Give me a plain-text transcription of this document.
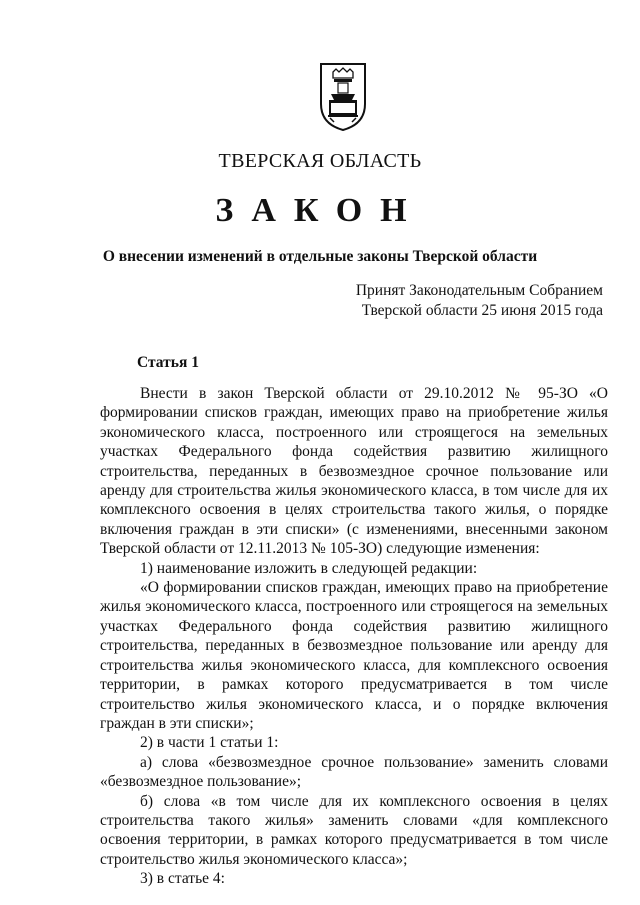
ТВЕРСКАЯ ОБЛАСТЬ
ЗАКОН
О внесении изменений в отдельные законы Тверской области
Принят Законодательным Собранием
Тверской области 25 июня 2015 года
Статья 1

Внести в закон Тверской области от 29.10.2012 № 95-ЗО «О формировании списков граждан, имеющих право на приобретение жилья экономического класса, построенного или строящегося на земельных участках Федерального фонда содействия развитию жилищного строительства, переданных в безвозмездное срочное пользование или аренду для строительства жилья экономического класса, в том числе для их комплексного освоения в целях строительства такого жилья, о порядке включения граждан в эти списки» (с изменениями, внесенными законом Тверской области от 12.11.2013 № 105-ЗО) следующие изменения:

1) наименование изложить в следующей редакции:

«О формировании списков граждан, имеющих право на приобретение жилья экономического класса, построенного или строящегося на земельных участках Федерального фонда содействия развитию жилищного строительства, переданных в безвозмездное пользование или аренду для строительства жилья экономического класса, для комплексного освоения территории, в рамках которого предусматривается в том числе строительство жилья экономического класса, и о порядке включения граждан в эти списки»;

2) в части 1 статьи 1:

а) слова «безвозмездное срочное пользование» заменить словами «безвозмездное пользование»;

б) слова «в том числе для их комплексного освоения в целях строительства такого жилья» заменить словами «для комплексного освоения территории, в рамках которого предусматривается в том числе строительство жилья экономического класса»;

3) в статье 4:
